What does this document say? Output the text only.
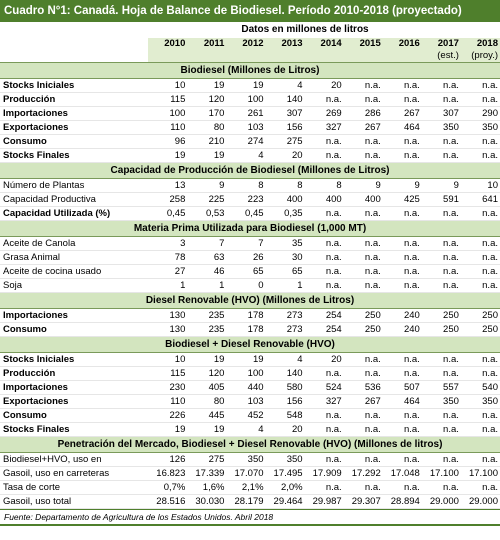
Cuadro N°1: Canadá. Hoja de Balance de Biodiesel. Período 2010-2018 (proyectado)
Datos en millones de litros
	2010	2011	2012	2013	2014	2015	2016	2017	2018
								(est.)	(proy.)
Biodiesel (Millones de Litros)									
Stocks Iniciales	10	19	19	4	20	n.a.	n.a.	n.a.	n.a.
Producción	115	120	100	140	n.a.	n.a.	n.a.	n.a.	n.a.
Importaciones	100	170	261	307	269	286	267	307	290
Exportaciones	110	80	103	156	327	267	464	350	350
Consumo	96	210	274	275	n.a.	n.a.	n.a.	n.a.	n.a.
Stocks Finales	19	19	4	20	n.a.	n.a.	n.a.	n.a.	n.a.
Capacidad de Producción de Biodiesel (Millones de Litros)									
Número de Plantas	13	9	8	8	8	9	9	9	10
Capacidad Productiva	258	225	223	400	400	400	425	591	641
Capacidad Utilizada (%)	0,45	0,53	0,45	0,35	n.a.	n.a.	n.a.	n.a.	n.a.
Materia Prima Utilizada para Biodiesel (1,000 MT)									
Aceite de Canola	3	7	7	35	n.a.	n.a.	n.a.	n.a.	n.a.
Grasa Animal	78	63	26	30	n.a.	n.a.	n.a.	n.a.	n.a.
Aceite de cocina usado	27	46	65	65	n.a.	n.a.	n.a.	n.a.	n.a.
Soja	1	1	0	1	n.a.	n.a.	n.a.	n.a.	n.a.
Diesel Renovable (HVO) (Millones de Litros)									
Importaciones	130	235	178	273	254	250	240	250	250
Consumo	130	235	178	273	254	250	240	250	250
Biodiesel + Diesel Renovable (HVO)									
Stocks Iniciales	10	19	19	4	20	n.a.	n.a.	n.a.	n.a.
Producción	115	120	100	140	n.a.	n.a.	n.a.	n.a.	n.a.
Importaciones	230	405	440	580	524	536	507	557	540
Exportaciones	110	80	103	156	327	267	464	350	350
Consumo	226	445	452	548	n.a.	n.a.	n.a.	n.a.	n.a.
Stocks Finales	19	19	4	20	n.a.	n.a.	n.a.	n.a.	n.a.
Penetración del Mercado, Biodiesel + Diesel Renovable (HVO) (Millones de litros)									
Biodiesel+HVO, uso en	126	275	350	350	n.a.	n.a.	n.a.	n.a.	n.a.
Gasoil, uso en carreteras	16.823	17.339	17.070	17.495	17.909	17.292	17.048	17.100	17.100
Tasa de corte	0,7%	1,6%	2,1%	2,0%	n.a.	n.a.	n.a.	n.a.	n.a.
Gasoil, uso total	28.516	30.030	28.179	29.464	29.987	29.307	28.894	29.000	29.000
Fuente: Departamento de Agricultura de los Estados Unidos. Abril 2018
